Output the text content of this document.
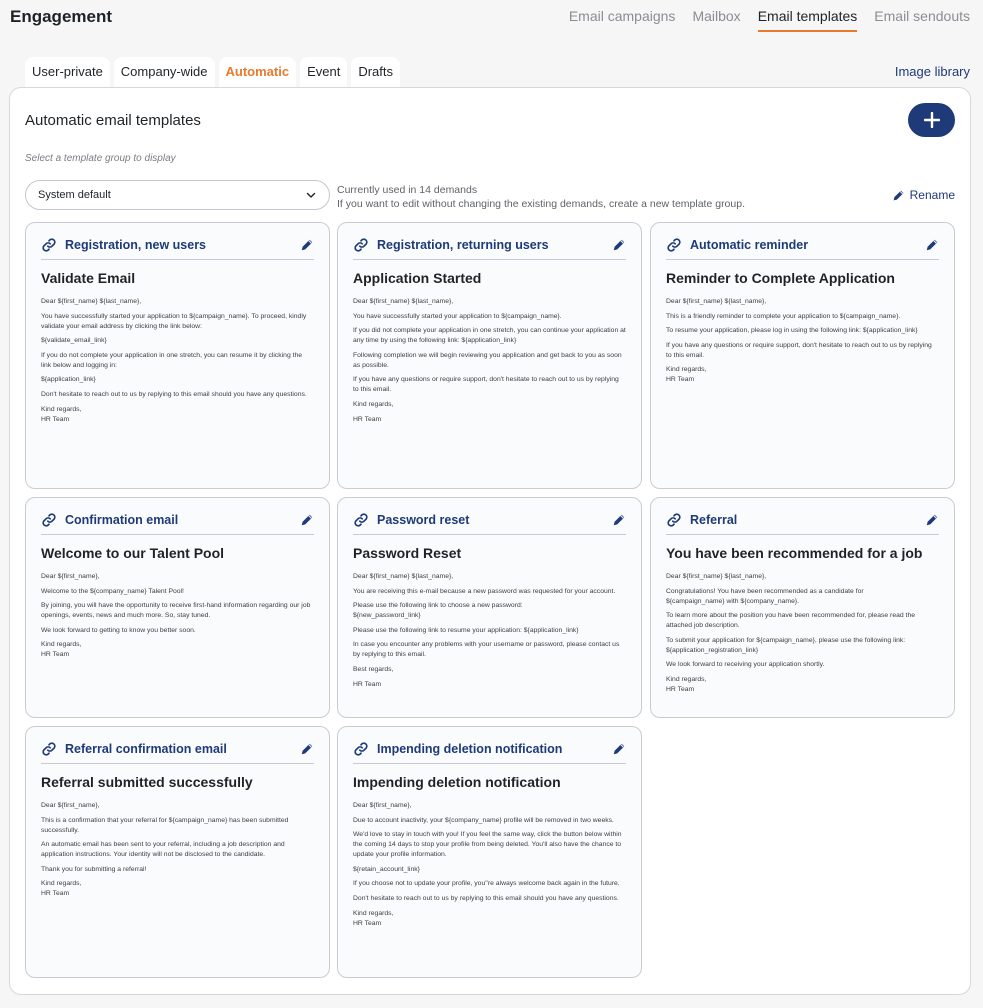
Engagement	Email campaigns Mailbox Email templates Email sendouts
User-private	Company-wide	Automatic	Event	Drafts	Image library
Automatic email templates
Select a template group to display
System default	Currently used in 14 demands
If you want to edit without changing the existing demands, create a new template group.
Rename
Registration, new users
Validate Email

Dear ${first_name} ${last_name},

You have successfully started your application to ${campaign_name}. To proceed, kindly validate your email address by clicking the link below:

${validate_email_link}

If you do not complete your application in one stretch, you can resume it by clicking the link below and logging in:

${application_link}

Don't hesitate to reach out to us by replying to this email should you have any questions.

Kind regards,
HR Team

Registration, returning users
Application Started

Dear ${first_name} ${last_name},

You have successfully started your application to ${campaign_name}.

If you did not complete your application in one stretch, you can continue your application at any time by using the following link: ${application_link}

Following completion we will begin reviewing you application and get back to you as soon as possible.

If you have any questions or require support, don't hesitate to reach out to us by replying to this email.

Kind regards,

HR Team

Automatic reminder
Reminder to Complete Application

Dear ${first_name} ${last_name},

This is a friendly reminder to complete your application to ${campaign_name}.

To resume your application, please log in using the following link: ${application_link}

If you have any questions or require support, don't hesitate to reach out to us by replying to this email.

Kind regards,
HR Team

Confirmation email
Welcome to our Talent Pool

Dear ${first_name},

Welcome to the ${company_name} Talent Pool!

By joining, you will have the opportunity to receive first-hand information regarding our job openings, events, news and much more. So, stay tuned.

We look forward to getting to know you better soon.

Kind regards,
HR Team

Password reset
Password Reset

Dear ${first_name} ${last_name},

You are receiving this e-mail because a new password was requested for your account.

Please use the following link to choose a new password:
${new_password_link}

Please use the following link to resume your application: ${application_link}

In case you encounter any problems with your username or password, please contact us by replying to this email.

Best regards,

HR Team

Referral
You have been recommended for a job

Dear ${first_name} ${last_name},

Congratulations! You have been recommended as a candidate for
${campaign_name} with ${company_name}.

To learn more about the position you have been recommended for, please read the attached job description.

To submit your application for ${campaign_name}, please use the following link:
${application_registration_link}

We look forward to receiving your application shortly.

Kind regards,
HR Team

Referral confirmation email
Referral submitted successfully

Dear ${first_name},

This is a confirmation that your referral for ${campaign_name} has been submitted successfully.

An automatic email has been sent to your referral, including a job description and application instructions. Your identity will not be disclosed to the candidate.

Thank you for submitting a referral!

Kind regards,
HR Team

Impending deletion notification
Impending deletion notification

Dear ${first_name},

Due to account inactivity, your ${company_name} profile will be removed in two weeks.

We'd love to stay in touch with you! If you feel the same way, click the button below within the coming 14 days to stop your profile from being deleted. You'll also have the chance to update your profile information.

${retain_account_link}

If you choose not to update your profile, you''re always welcome back again in the future.

Don't hesitate to reach out to us by replying to this email should you have any questions.

Kind regards,
HR Team
